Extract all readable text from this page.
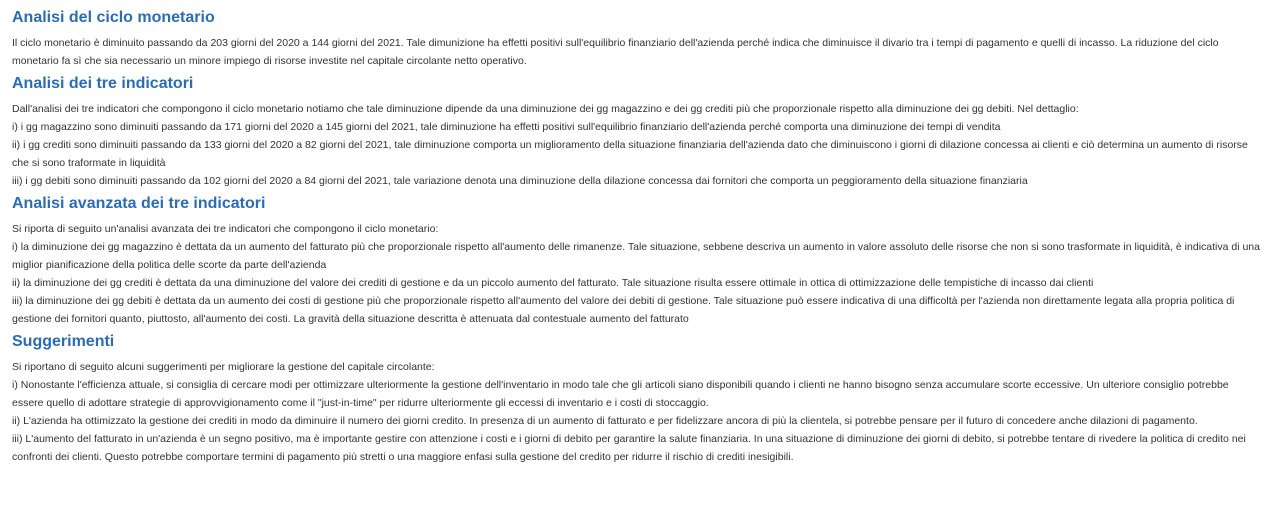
Analisi del ciclo monetario

Il ciclo monetario è diminuito passando da 203 giorni del 2020 a 144 giorni del 2021. Tale dimunizione ha effetti positivi sull'equilibrio finanziario dell'azienda perché indica che diminuisce il divario tra i tempi di pagamento e quelli di incasso. La riduzione del ciclo monetario fa sì che sia necessario un minore impiego di risorse investite nel capitale circolante netto operativo.

Analisi dei tre indicatori

Dall'analisi dei tre indicatori che compongono il ciclo monetario notiamo che tale diminuzione dipende da una diminuzione dei gg magazzino e dei gg crediti più che proporzionale rispetto alla diminuzione dei gg debiti. Nel dettaglio:

i) i gg magazzino sono diminuiti passando da 171 giorni del 2020 a 145 giorni del 2021, tale diminuzione ha effetti positivi sull'equilibrio finanziario dell'azienda perché comporta una diminuzione dei tempi di vendita

ii) i gg crediti sono diminuiti passando da 133 giorni del 2020 a 82 giorni del 2021, tale diminuzione comporta un miglioramento della situazione finanziaria dell'azienda dato che diminuiscono i giorni di dilazione concessa ai clienti e ciò determina un aumento di risorse che si sono traformate in liquidità

iii) i gg debiti sono diminuiti passando da 102 giorni del 2020 a 84 giorni del 2021, tale variazione denota una diminuzione della dilazione concessa dai fornitori che comporta un peggioramento della situazione finanziaria

Analisi avanzata dei tre indicatori

Si riporta di seguito un'analisi avanzata dei tre indicatori che compongono il ciclo monetario:

i) la diminuzione dei gg magazzino è dettata da un aumento del fatturato più che proporzionale rispetto all'aumento delle rimanenze. Tale situazione, sebbene descriva un aumento in valore assoluto delle risorse che non si sono trasformate in liquidità, è indicativa di una miglior pianificazione della politica delle scorte da parte dell'azienda

ii) la diminuzione dei gg crediti è dettata da una diminuzione del valore dei crediti di gestione e da un piccolo aumento del fatturato. Tale situazione risulta essere ottimale in ottica di ottimizzazione delle tempistiche di incasso dai clienti

iii) la diminuzione dei gg debiti è dettata da un aumento dei costi di gestione più che proporzionale rispetto all'aumento del valore dei debiti di gestione. Tale situazione può essere indicativa di una difficoltà per l'azienda non direttamente legata alla propria politica di gestione dei fornitori quanto, piuttosto, all'aumento dei costi. La gravità della situazione descritta è attenuata dal contestuale aumento del fatturato

Suggerimenti

Si riportano di seguito alcuni suggerimenti per migliorare la gestione del capitale circolante:

i) Nonostante l'efficienza attuale, si consiglia di cercare modi per ottimizzare ulteriormente la gestione dell'inventario in modo tale che gli articoli siano disponibili quando i clienti ne hanno bisogno senza accumulare scorte eccessive. Un ulteriore consiglio potrebbe essere quello di adottare strategie di approvvigionamento come il "just-in-time" per ridurre ulteriormente gli eccessi di inventario e i costi di stoccaggio.

ii) L'azienda ha ottimizzato la gestione dei crediti in modo da diminuire il numero dei giorni credito. In presenza di un aumento di fatturato e per fidelizzare ancora di più la clientela, si potrebbe pensare per il futuro di concedere anche dilazioni di pagamento.

iii) L'aumento del fatturato in un'azienda è un segno positivo, ma è importante gestire con attenzione i costi e i giorni di debito per garantire la salute finanziaria. In una situazione di diminuzione dei giorni di debito, si potrebbe tentare di rivedere la politica di credito nei confronti dei clienti. Questo potrebbe comportare termini di pagamento più stretti o una maggiore enfasi sulla gestione del credito per ridurre il rischio di crediti inesigibili.
